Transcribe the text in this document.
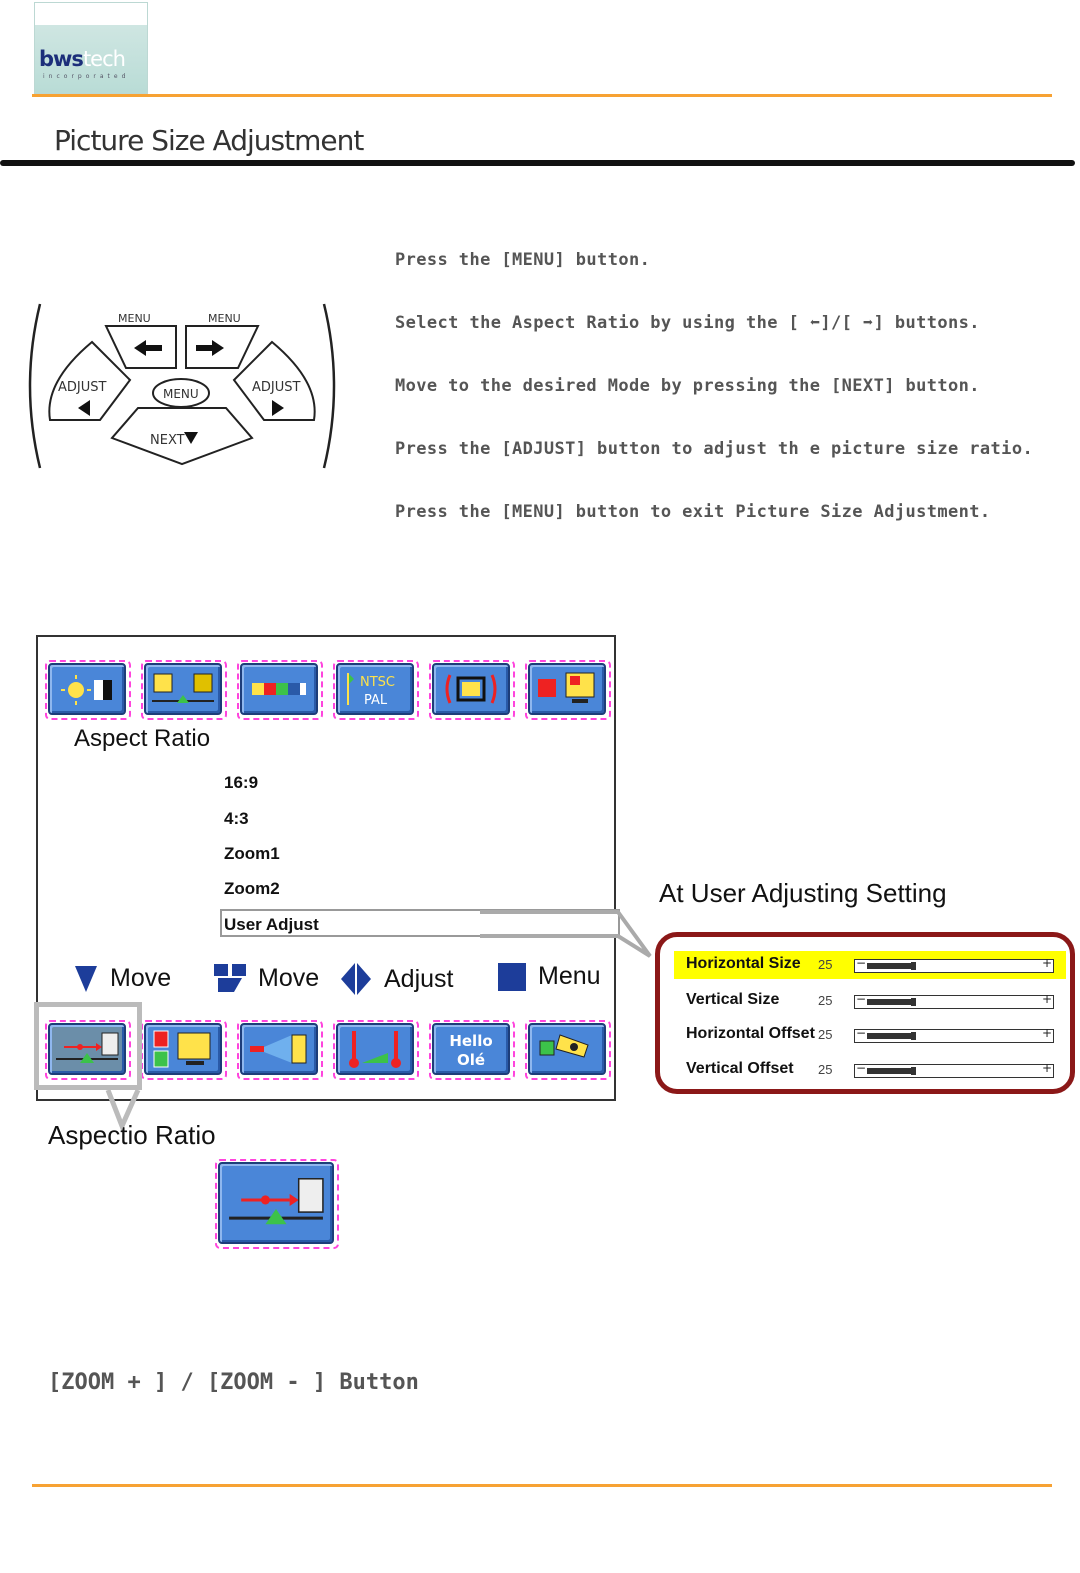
bwstech
incorporated
Picture Size Adjustment
MENU	MENU
ADJUST	ADJUST
MENU
NEXT
Press the [MENU] button.
Select the Aspect Ratio by using the [ ⬅]/[ ➡] buttons.
Move to the desired Mode by pressing the [NEXT] button.
Press the [ADJUST] button to adjust th e picture size ratio.
Press the [MENU] button to exit Picture Size Adjustment.
NTSC
PAL
Aspect Ratio
16:9
4:3
Zoom1
Zoom2
User Adjust
Move	Move	Adjust	Menu
Hello
Olé
Aspectio Ratio
At User Adjusting Setting
Horizontal Size 25 −	+
Vertical Size	25 −	+
Horizontal Offset 25 −	+
Vertical Offset 25 −	+
[ZOOM + ] / [ZOOM - ] Button
